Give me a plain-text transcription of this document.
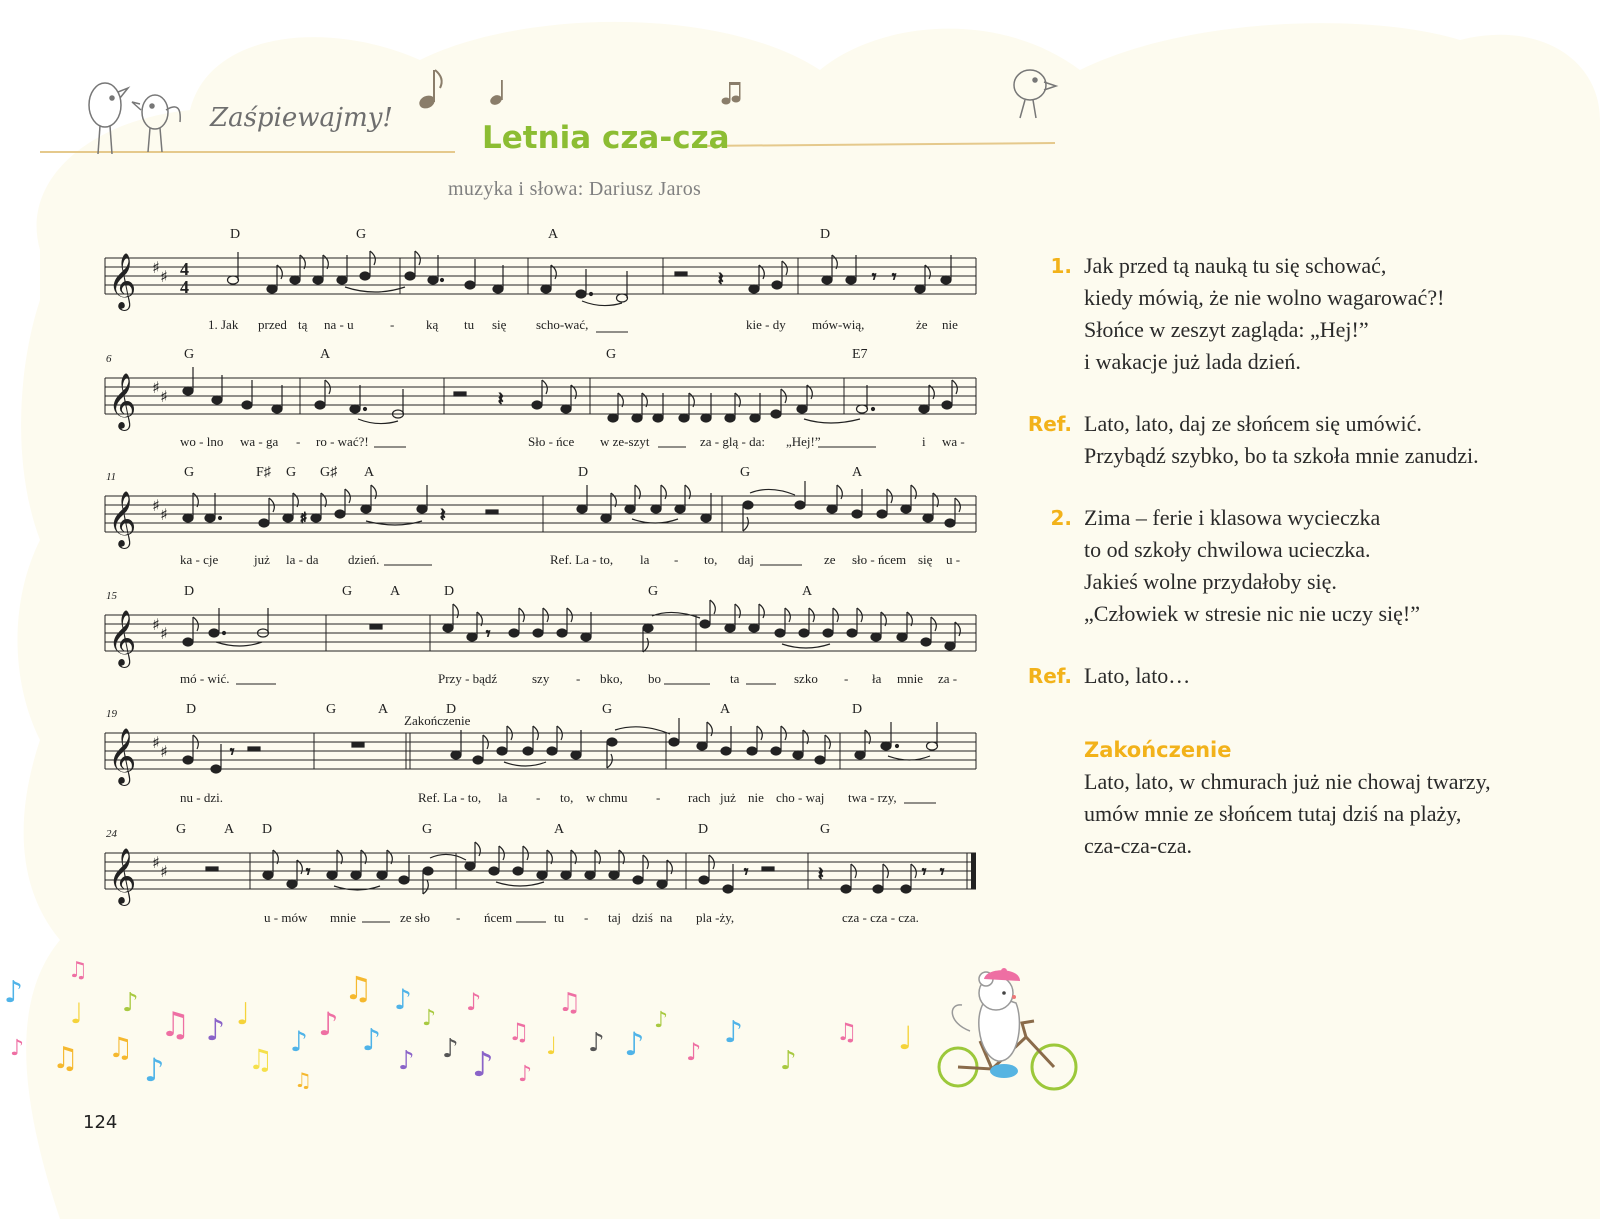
Zaśpiewajmy!
Letnia cza-cza
muzyka i słowa: Dariusz Jaros
𝄞 ♯ ♯ 4
4	𝄽	𝄾 𝄾
D	G	A	D
1. Jak przed tą na - u	- ką tu się scho-wać,	kie - dy mów-wią,	że nie
𝄞 ♯ ♯	𝄽
6	G	A	G	E7
wo - lno wa - ga - ro - wać?!	Sło - ńce w ze-szyt	za - glą - da: „Hej!”	i wa -
𝄞 ♯ ♯	♯	𝄽
11	G	F♯ G G♯ A	D	G	A
ka - cje	już la - da dzień.	Ref. La - to, la - to, daj	ze sło - ńcem się u -
𝄞 ♯ ♯	𝄾
15	D	G	A	D	G	A
mó - wić.	Przy - bądź	szy - bko, bo	ta	szko - ła mnie za -
𝄞 ♯ ♯	𝄾
19	Zakończenie
D	G	A	D	G	A	D
nu - dzi.	Ref. La - to, la - to, w chmu - rach już nie cho - waj twa - rzy,
𝄞 ♯ ♯	𝄾	𝄾	𝄽	𝄾 𝄾
24	G	A D	G	A	D	G
u - mów mnie	ze sło - ńcem	tu - taj dziś na pla -ży,	cza - cza - cza.
1. Jak przed tą nauką tu się schować,
kiedy mówią, że nie wolno wagarować?!
Słońce w zeszyt zagląda: „Hej!”
i wakacje już lada dzień.
Ref. Lato, lato, daj ze słońcem się umówić.
Przybądź szybko, bo ta szkoła mnie zanudzi.
2. Zima – ferie i klasowa wycieczka
to od szkoły chwilowa ucieczka.
Jakieś wolne przydałoby się.
„Człowiek w stresie nic nie uczy się!”
Ref. Lato, lato…
Zakończenie
Lato, lato, w chmurach już nie chowaj twarzy,
umów mnie ze słońcem tutaj dziś na plaży,
cza-cza-cza.
♪
♫
♩
♪ ♫ ♫
♪
♪
♫ ♪ ♩
♫
♪
♫
♪
♫
♪
♪
♪
♪
♪
♪
♪
♫
♪
♩
♫
♪ ♪
♪
♪
♪
♪
♫ ♩
124
